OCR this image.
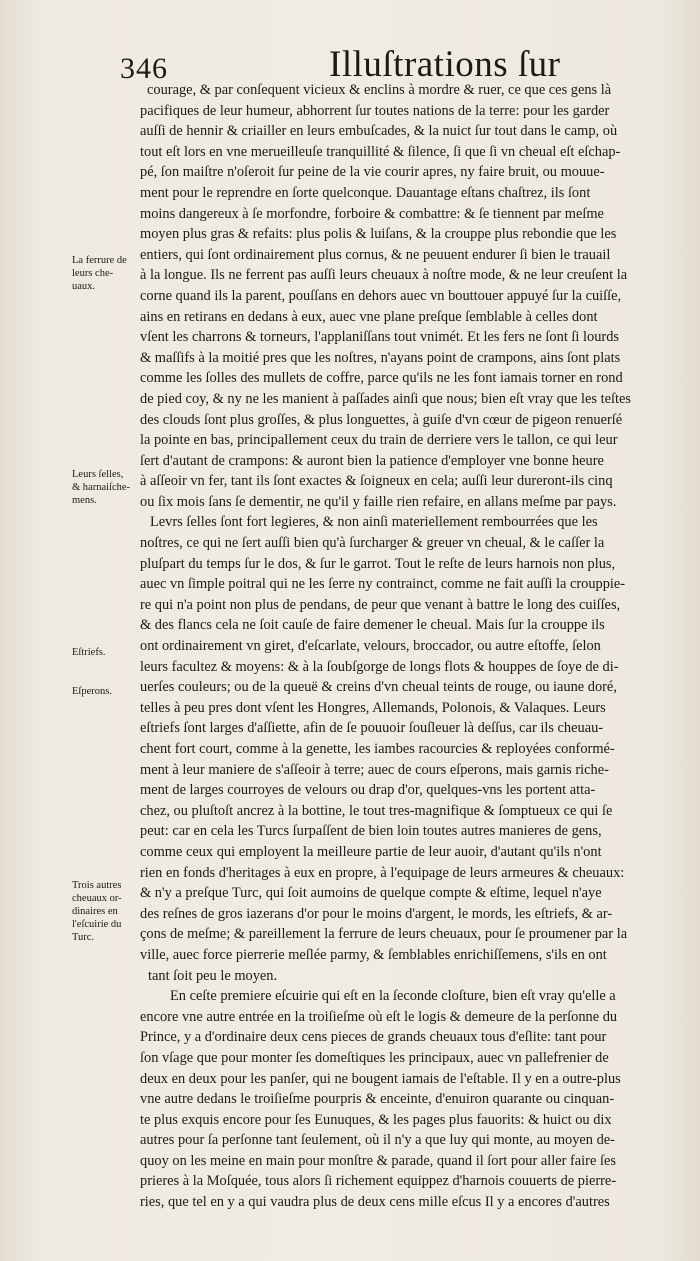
346	Illuſtrations ſur
La ferrure de
leurs che-
uaux.
Leurs ſelles,
& harnaiſche-
mens.
Eſtriefs.
Eſperons.
Trois autres
cheuaux or-
dinaires en
l'eſcuirie du
Turc.
courage, & par conſequent vicieux & enclins à mordre & ruer, ce que ces gens là
pacifiques de leur humeur, abhorrent ſur toutes nations de la terre: pour les garder
auſſi de hennir & criailler en leurs embuſcades, & la nuict ſur tout dans le camp, où
tout eſt lors en vne merueilleuſe tranquillité & ſilence, ſi que ſi vn cheual eſt eſchap-
pé, ſon maiſtre n'oſeroit ſur peine de la vie courir apres, ny faire bruit, ou mouue-
ment pour le reprendre en ſorte quelconque. Dauantage eſtans chaſtrez, ils ſont
moins dangereux à ſe morfondre, forboire & combattre: & ſe tiennent par meſme
moyen plus gras & refaits: plus polis & luiſans, & la crouppe plus rebondie que les
entiers, qui ſont ordinairement plus cornus, & ne peuuent endurer ſi bien le trauail
à la longue. Ils ne ferrent pas auſſi leurs cheuaux à noſtre mode, & ne leur creuſent la
corne quand ils la parent, pouſſans en dehors auec vn bouttouer appuyé ſur la cuiſſe,
ains en retirans en dedans à eux, auec vne plane preſque ſemblable à celles dont
vſent les charrons & torneurs, l'applaniſſans tout vnimét. Et les fers ne ſont ſi lourds
& maſſifs à la moitié pres que les noſtres, n'ayans point de crampons, ains ſont plats
comme les ſolles des mullets de coffre, parce qu'ils ne les font iamais torner en rond
de pied coy, & ny ne les manient à paſſades ainſi que nous; bien eſt vray que les teſtes
des clouds ſont plus groſſes, & plus longuettes, à guiſe d'vn cœur de pigeon renuerſé
la pointe en bas, principallement ceux du train de derriere vers le tallon, ce qui leur
ſert d'autant de crampons: & auront bien la patience d'employer vne bonne heure
à aſſeoir vn fer, tant ils ſont exactes & ſoigneux en cela; auſſi leur dureront-ils cinq
ou ſix mois ſans ſe dementir, ne qu'il y faille rien refaire, en allans meſme par pays.
Levrs ſelles ſont fort legieres, & non ainſi materiellement rembourrées que les
noſtres, ce qui ne ſert auſſi bien qu'à ſurcharger & greuer vn cheual, & le caſſer la
pluſpart du temps ſur le dos, & ſur le garrot. Tout le reſte de leurs harnois non plus,
auec vn ſimple poitral qui ne les ſerre ny contrainct, comme ne fait auſſi la crouppie-
re qui n'a point non plus de pendans, de peur que venant à battre le long des cuiſſes,
& des flancs cela ne ſoit cauſe de faire demener le cheual. Mais ſur la crouppe ils
ont ordinairement vn giret, d'eſcarlate, velours, broccador, ou autre eſtoffe, ſelon
leurs facultez & moyens: & à la ſoubſgorge de longs flots & houppes de ſoye de di-
uerſes couleurs; ou de la queuë & creins d'vn cheual teints de rouge, ou iaune doré,
telles à peu pres dont vſent les Hongres, Allemands, Polonois, & Valaques. Leurs
eſtriefs ſont larges d'aſſiette, afin de ſe pouuoir ſouſleuer là deſſus, car ils cheuau-
chent fort court, comme à la genette, les iambes racourcies & reployées conformé-
ment à leur maniere de s'aſſeoir à terre; auec de cours eſperons, mais garnis riche-
ment de larges courroyes de velours ou drap d'or, quelques-vns les portent atta-
chez, ou pluſtoſt ancrez à la bottine, le tout tres-magnifique & ſomptueux ce qui ſe
peut: car en cela les Turcs ſurpaſſent de bien loin toutes autres manieres de gens,
comme ceux qui employent la meilleure partie de leur auoir, d'autant qu'ils n'ont
rien en fonds d'heritages à eux en propre, à l'equipage de leurs armeures & cheuaux:
& n'y a preſque Turc, qui ſoit aumoins de quelque compte & eſtime, lequel n'aye
des reſnes de gros iazerans d'or pour le moins d'argent, le mords, les eſtriefs, & ar-
çons de meſme; & pareillement la ferrure de leurs cheuaux, pour ſe proumener par la
ville, auec force pierrerie meſlée parmy, & ſemblables enrichiſſemens, s'ils en ont
tant ſoit peu le moyen.
En ceſte premiere eſcuirie qui eſt en la ſeconde cloſture, bien eſt vray qu'elle a
encore vne autre entrée en la troiſieſme où eſt le logis & demeure de la perſonne du
Prince, y a d'ordinaire deux cens pieces de grands cheuaux tous d'eſlite: tant pour
ſon vſage que pour monter ſes domeſtiques les principaux, auec vn pallefrenier de
deux en deux pour les panſer, qui ne bougent iamais de l'eſtable. Il y en a outre-plus
vne autre dedans le troiſieſme pourpris & enceinte, d'enuiron quarante ou cinquan-
te plus exquis encore pour ſes Eunuques, & les pages plus fauorits: & huict ou dix
autres pour ſa perſonne tant ſeulement, où il n'y a que luy qui monte, au moyen de-
quoy on les meine en main pour monſtre & parade, quand il ſort pour aller faire ſes
prieres à la Moſquée, tous alors ſi richement equippez d'harnois couuerts de pierre-
ries, que tel en y a qui vaudra plus de deux cens mille eſcus Il y a encores d'autres
